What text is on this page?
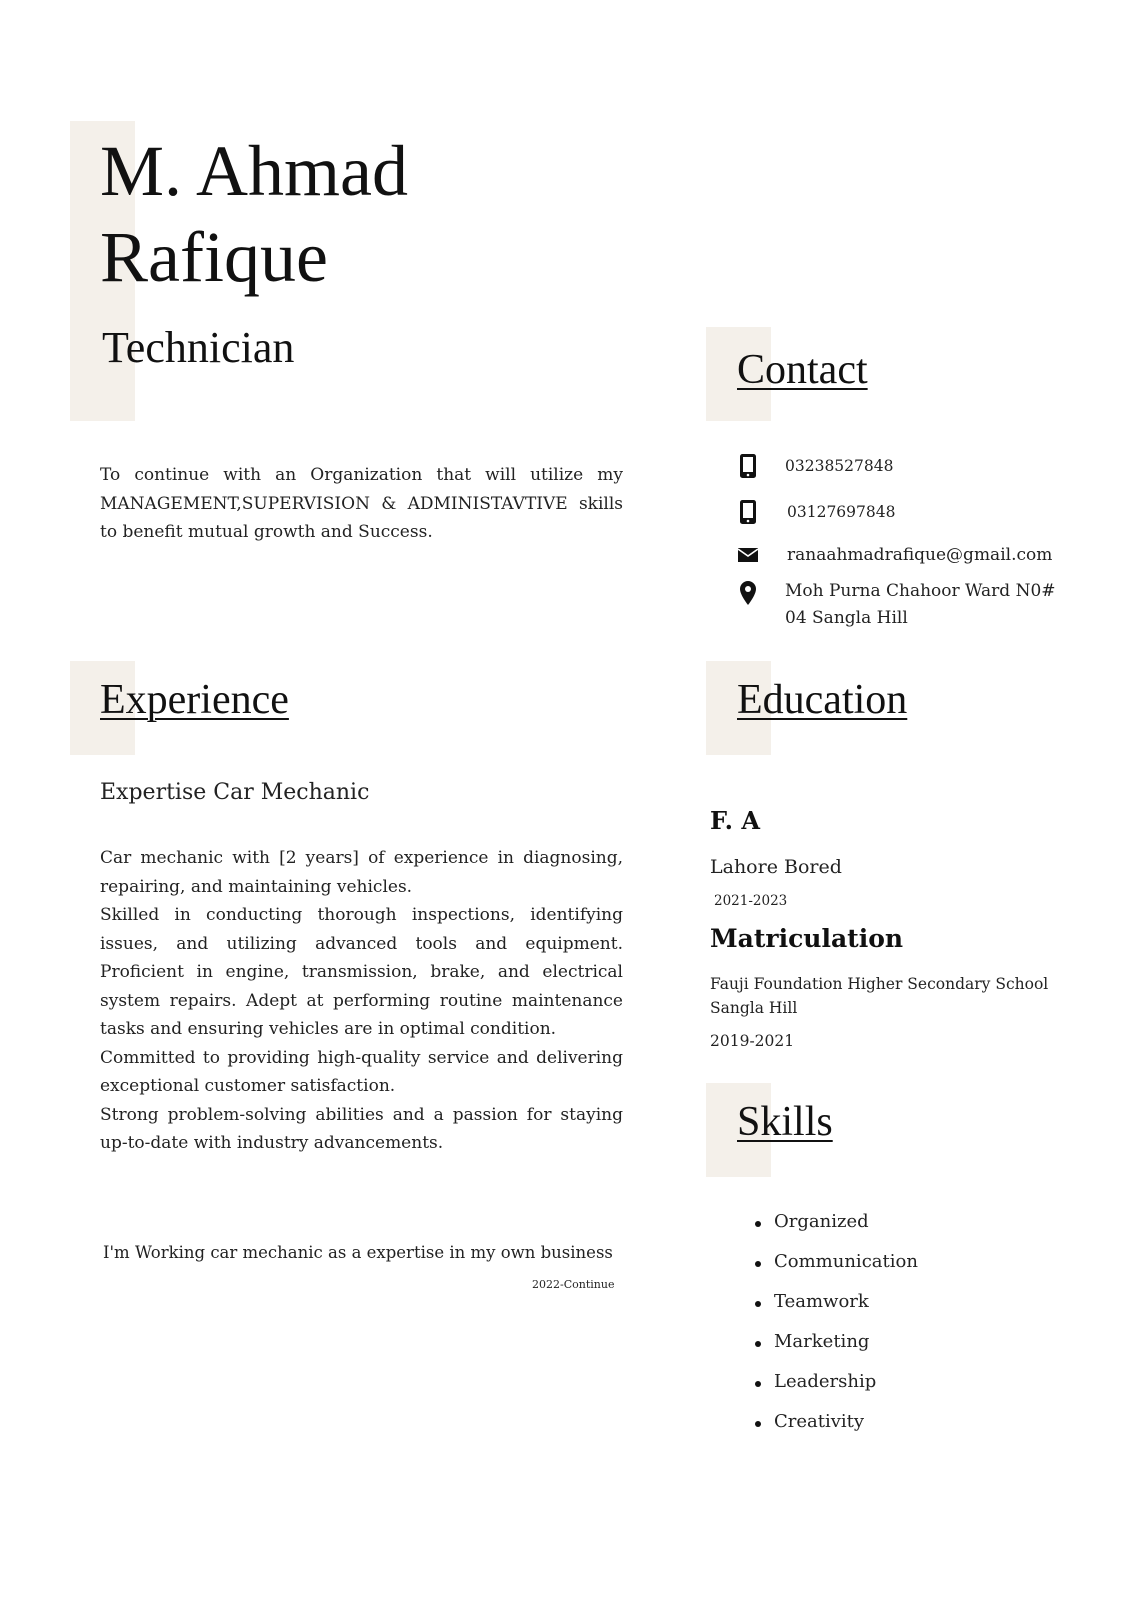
M. Ahmad
Rafique
Technician
To continue with an Organization that will utilize my MANAGEMENT,SUPERVISION & ADMINISTAVTIVE skills to benefit mutual growth and Success.
Contact
03238527848
03127697848
ranaahmadrafique@gmail.com
Moh Purna Chahoor Ward N0#
04 Sangla Hill
Experience
Expertise Car Mechanic
Car mechanic with [2 years] of experience in diagnosing, repairing, and maintaining vehicles.
Skilled in conducting thorough inspections, identifying issues, and utilizing advanced tools and equipment. Proficient in engine, transmission, brake, and electrical system repairs. Adept at performing routine maintenance tasks and ensuring vehicles are in optimal condition.
Committed to providing high-quality service and delivering exceptional customer satisfaction.
Strong problem-solving abilities and a passion for staying up-to-date with industry advancements.
I'm Working car mechanic as a expertise in my own business
2022-Continue
Education
F. A
Lahore Bored
2021-2023
Matriculation
Fauji Foundation Higher Secondary School
Sangla Hill
2019-2021
Skills
Organized
Communication
Teamwork
Marketing
Leadership
Creativity
